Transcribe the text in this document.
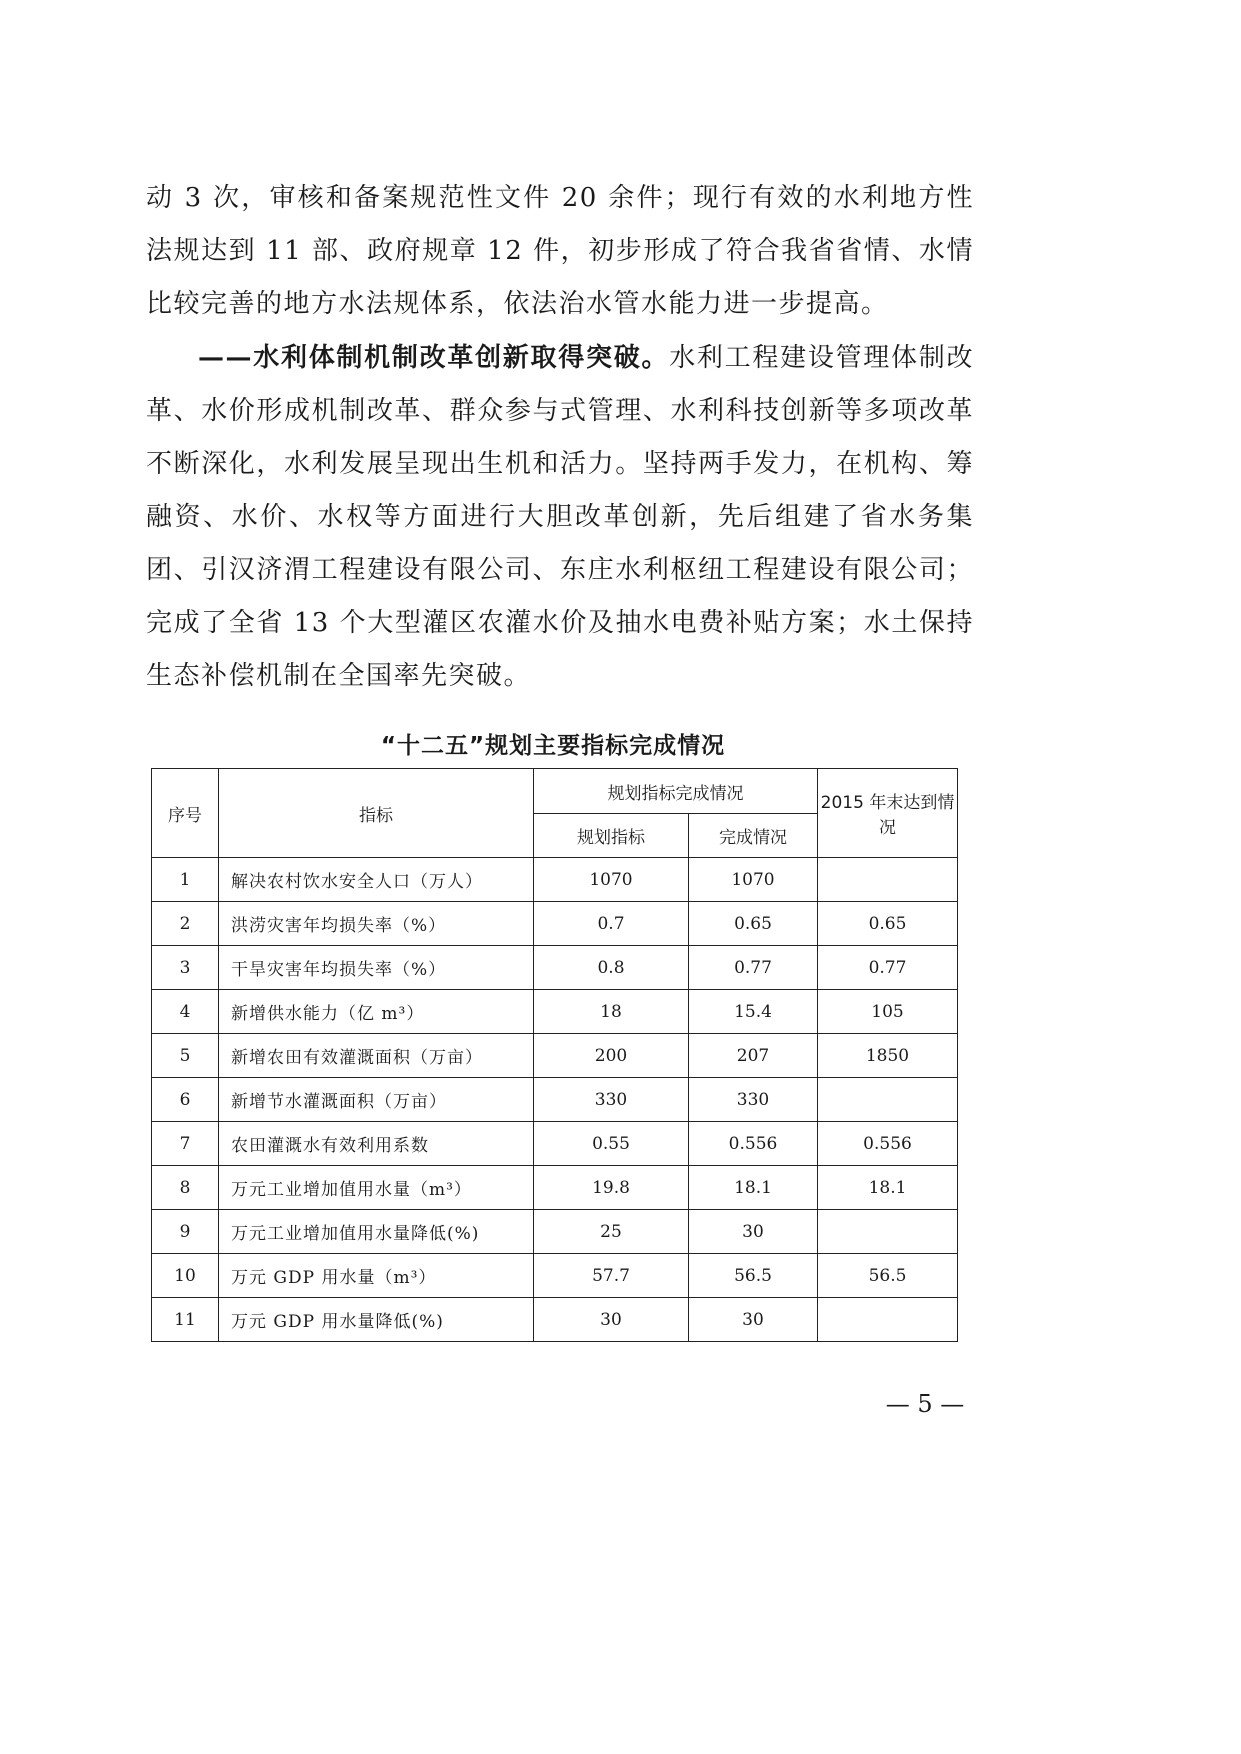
动 3 次，审核和备案规范性文件 20 余件；现行有效的水利地方性法规达到 11 部、政府规章 12 件，初步形成了符合我省省情、水情比较完善的地方水法规体系，依法治水管水能力进一步提高。

——水利体制机制改革创新取得突破。水利工程建设管理体制改革、水价形成机制改革、群众参与式管理、水利科技创新等多项改革不断深化，水利发展呈现出生机和活力。坚持两手发力，在机构、筹融资、水价、水权等方面进行大胆改革创新，先后组建了省水务集团、引汉济渭工程建设有限公司、东庄水利枢纽工程建设有限公司；完成了全省 13 个大型灌区农灌水价及抽水电费补贴方案；水土保持生态补偿机制在全国率先突破。

“十二五”规划主要指标完成情况
序号	指标	规划指标完成情况		2015 年末达到情况
		规划指标	完成情况	
1	解决农村饮水安全人口（万人）	1070	1070	
2	洪涝灾害年均损失率（%）	0.7	0.65	0.65
3	干旱灾害年均损失率（%）	0.8	0.77	0.77
4	新增供水能力（亿 m³）	18	15.4	105
5	新增农田有效灌溉面积（万亩）	200	207	1850
6	新增节水灌溉面积（万亩）	330	330	
7	农田灌溉水有效利用系数	0.55	0.556	0.556
8	万元工业增加值用水量（m³）	19.8	18.1	18.1
9	万元工业增加值用水量降低(%)	25	30	
10	万元 GDP 用水量（m³）	57.7	56.5	56.5
11	万元 GDP 用水量降低(%)	30	30	

— 5 —
